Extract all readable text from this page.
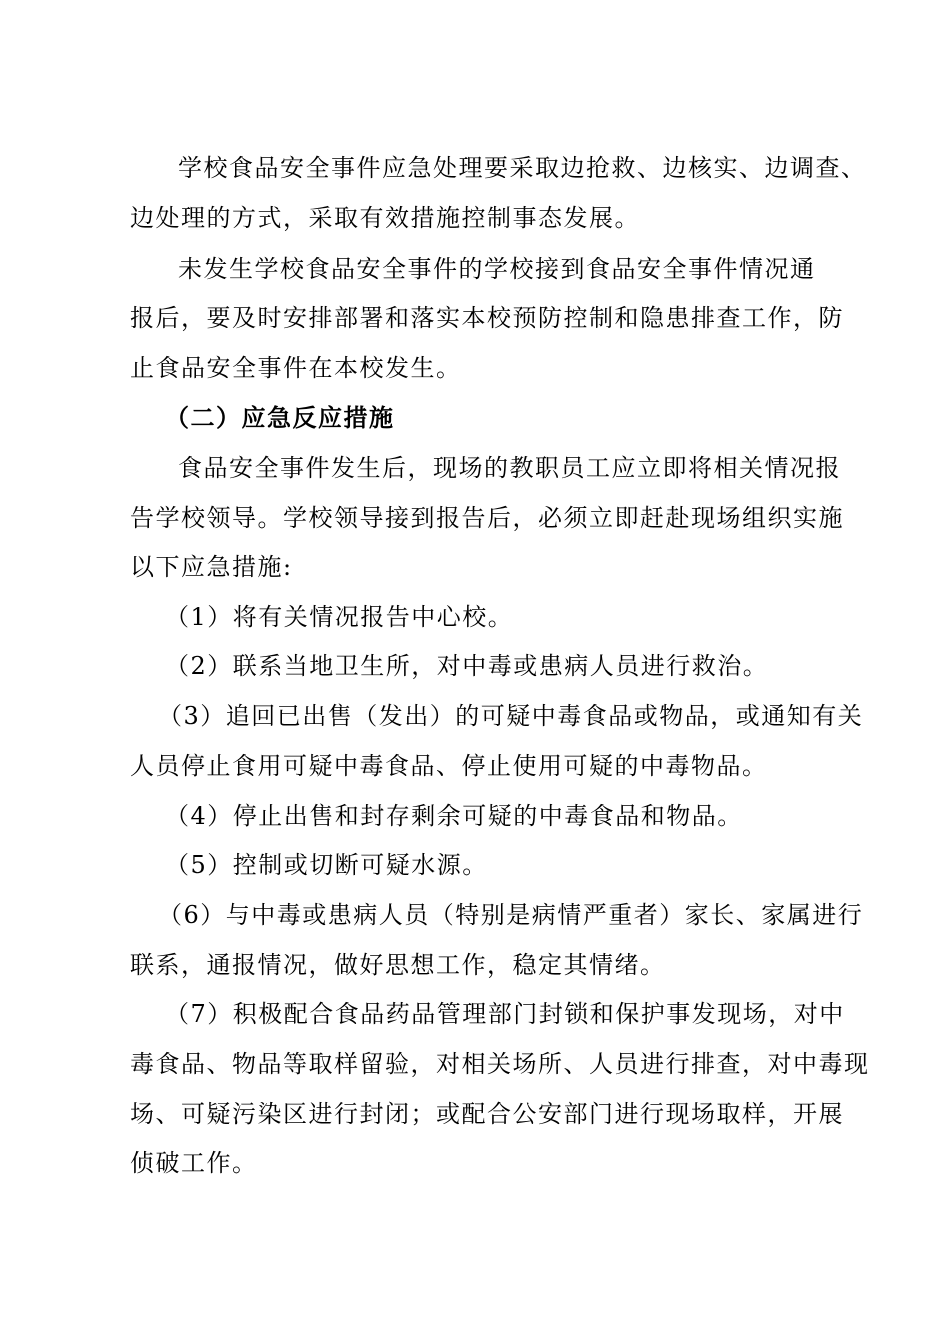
学校食品安全事件应急处理要采取边抢救、边核实、边调查、
边处理的方式，采取有效措施控制事态发展。
未发生学校食品安全事件的学校接到食品安全事件情况通
报后，要及时安排部署和落实本校预防控制和隐患排查工作，防
止食品安全事件在本校发生。
（二）应急反应措施
食品安全事件发生后，现场的教职员工应立即将相关情况报
告学校领导。学校领导接到报告后，必须立即赶赴现场组织实施
以下应急措施:
（1）将有关情况报告中心校。
（2）联系当地卫生所，对中毒或患病人员进行救治。
（3）追回已出售（发出）的可疑中毒食品或物品，或通知有关
人员停止食用可疑中毒食品、停止使用可疑的中毒物品。
（4）停止出售和封存剩余可疑的中毒食品和物品。
（5）控制或切断可疑水源。
（6）与中毒或患病人员（特别是病情严重者）家长、家属进行
联系，通报情况，做好思想工作，稳定其情绪。
（7）积极配合食品药品管理部门封锁和保护事发现场，对中
毒食品、物品等取样留验，对相关场所、人员进行排查，对中毒现
场、可疑污染区进行封闭；或配合公安部门进行现场取样，开展
侦破工作。
